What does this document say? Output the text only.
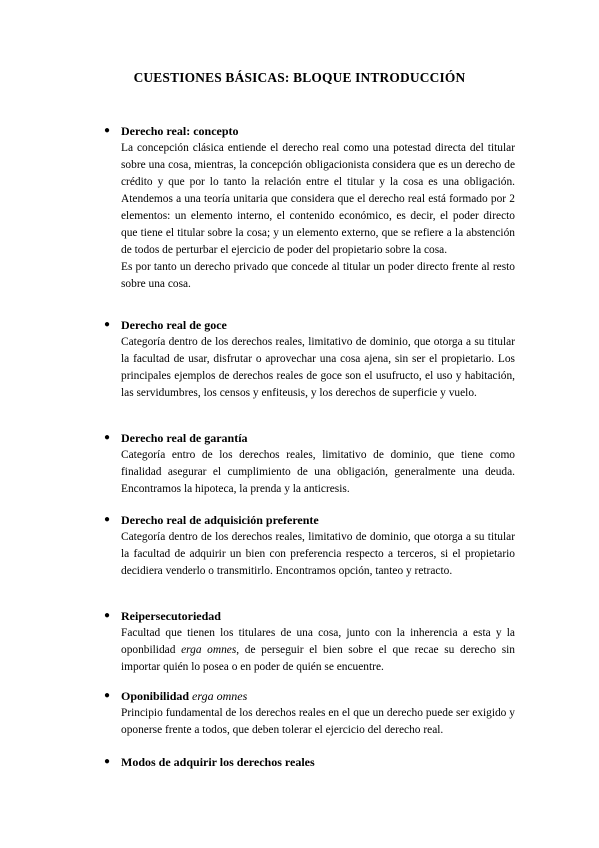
CUESTIONES BÁSICAS: BLOQUE INTRODUCCIÓN
● Derecho real: concepto

La concepción clásica entiende el derecho real como una potestad directa del titular sobre una cosa, mientras, la concepción obligacionista considera que es un derecho de crédito y que por lo tanto la relación entre el titular y la cosa es una obligación. Atendemos a una teoría unitaria que considera que el derecho real está formado por 2 elementos: un elemento interno, el contenido económico, es decir, el poder directo que tiene el titular sobre la cosa; y un elemento externo, que se refiere a la abstención de todos de perturbar el ejercicio de poder del propietario sobre la cosa.

Es por tanto un derecho privado que concede al titular un poder directo frente al resto sobre una cosa.

● Derecho real de goce

Categoría dentro de los derechos reales, limitativo de dominio, que otorga a su titular la facultad de usar, disfrutar o aprovechar una cosa ajena, sin ser el propietario. Los principales ejemplos de derechos reales de goce son el usufructo, el uso y habitación, las servidumbres, los censos y enfiteusis, y los derechos de superficie y vuelo.

● Derecho real de garantía

Categoría entro de los derechos reales, limitativo de dominio, que tiene como finalidad asegurar el cumplimiento de una obligación, generalmente una deuda. Encontramos la hipoteca, la prenda y la anticresis.

● Derecho real de adquisición preferente

Categoría dentro de los derechos reales, limitativo de dominio, que otorga a su titular la facultad de adquirir un bien con preferencia respecto a terceros, si el propietario decidiera venderlo o transmitirlo. Encontramos opción, tanteo y retracto.

● Reipersecutoriedad

Facultad que tienen los titulares de una cosa, junto con la inherencia a esta y la oponbilidad erga omnes, de perseguir el bien sobre el que recae su derecho sin importar quién lo posea o en poder de quién se encuentre.

● Oponibilidad erga omnes

Principio fundamental de los derechos reales en el que un derecho puede ser exigido y oponerse frente a todos, que deben tolerar el ejercicio del derecho real.

● Modos de adquirir los derechos reales
